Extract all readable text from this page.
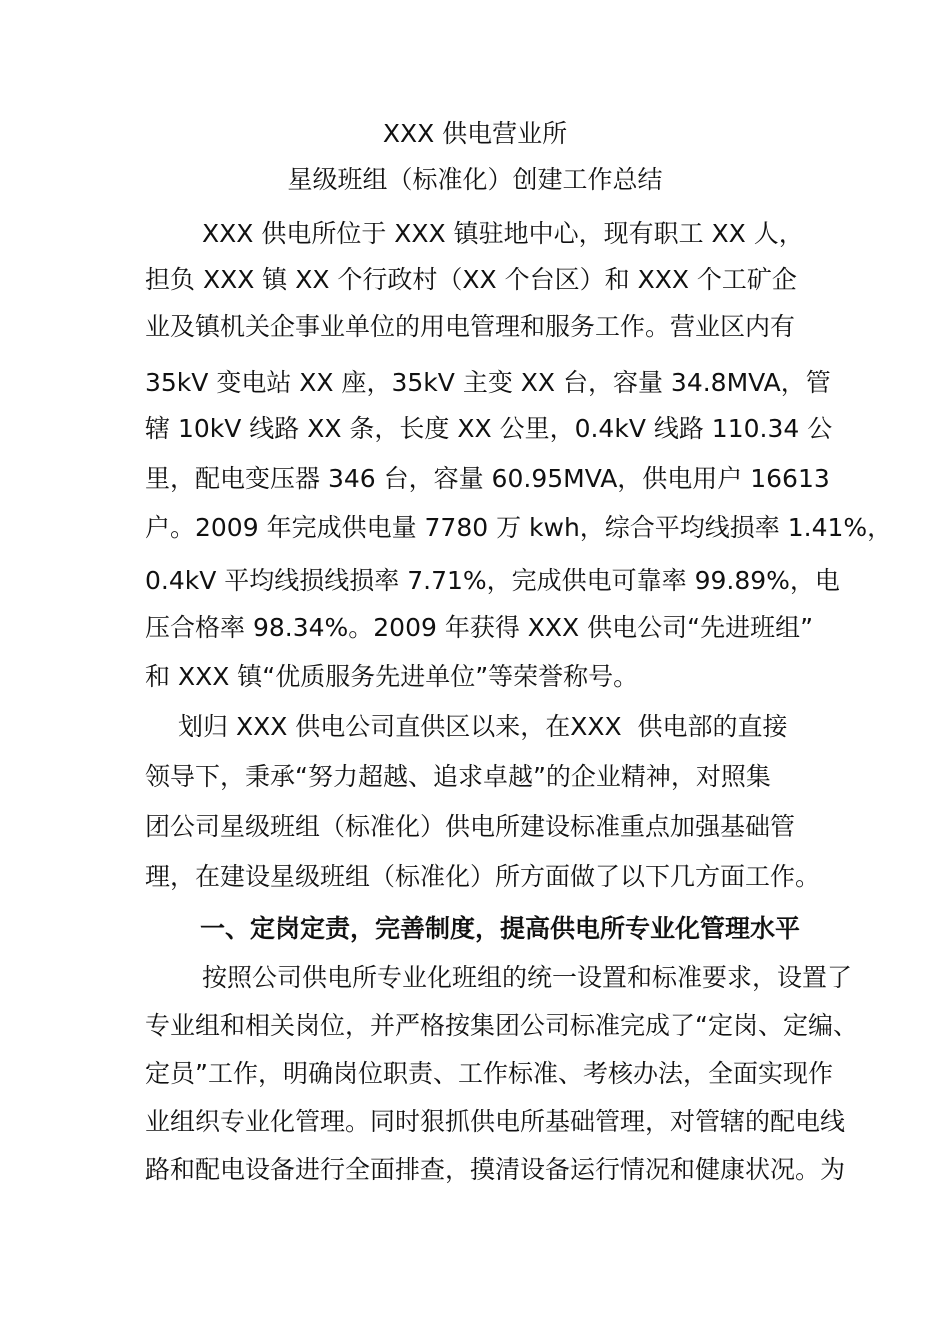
XXX 供电营业所
星级班组（标准化）创建工作总结
XXX 供电所位于 XXX 镇驻地中心，现有职工 XX 人，
担负 XXX 镇 XX 个行政村（XX 个台区）和 XXX 个工矿企
业及镇机关企事业单位的用电管理和服务工作。营业区内有
35kV 变电站 XX 座，35kV 主变 XX 台，容量 34.8MVA，管
辖 10kV 线路 XX 条，长度 XX 公里，0.4kV 线路 110.34 公
里，配电变压器 346 台，容量 60.95MVA，供电用户 16613
户。2009 年完成供电量 7780 万 kwh，综合平均线损率 1.41%，
0.4kV 平均线损线损率 7.71%，完成供电可靠率 99.89%，电
压合格率 98.34%。2009 年获得 XXX 供电公司“先进班组”
和 XXX 镇“优质服务先进单位”等荣誉称号。
划归 XXX 供电公司直供区以来，在XXX  供电部的直接
领导下，秉承“努力超越、追求卓越”的企业精神，对照集
团公司星级班组（标准化）供电所建设标准重点加强基础管
理，在建设星级班组（标准化）所方面做了以下几方面工作。
一、定岗定责，完善制度，提高供电所专业化管理水平
按照公司供电所专业化班组的统一设置和标准要求，设置了
专业组和相关岗位，并严格按集团公司标准完成了“定岗、定编、
定员”工作，明确岗位职责、工作标准、考核办法，全面实现作
业组织专业化管理。同时狠抓供电所基础管理，对管辖的配电线
路和配电设备进行全面排查，摸清设备运行情况和健康状况。为
